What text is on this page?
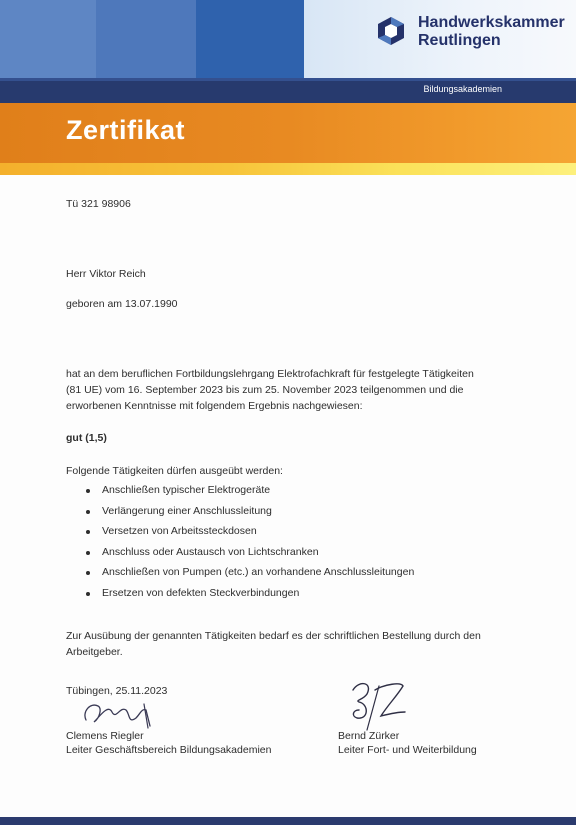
Handwerkskammer
Reutlingen
Bildungsakademien
Zertifikat
Tü 321 98906
Herr Viktor Reich
geboren am 13.07.1990
hat an dem beruflichen Fortbildungslehrgang Elektrofachkraft für festgelegte Tätigkeiten
(81 UE) vom 16. September 2023 bis zum 25. November 2023 teilgenommen und die
erworbenen Kenntnisse mit folgendem Ergebnis nachgewiesen:
gut (1,5)
Folgende Tätigkeiten dürfen ausgeübt werden:
Anschließen typischer Elektrogeräte
Verlängerung einer Anschlussleitung
Versetzen von Arbeitssteckdosen
Anschluss oder Austausch von Lichtschranken
Anschließen von Pumpen (etc.) an vorhandene Anschlussleitungen
Ersetzen von defekten Steckverbindungen
Zur Ausübung der genannten Tätigkeiten bedarf es der schriftlichen Bestellung durch den
Arbeitgeber.
Tübingen, 25.11.2023
Clemens Riegler
Leiter Geschäftsbereich Bildungsakademien
Bernd Zürker
Leiter Fort- und Weiterbildung
